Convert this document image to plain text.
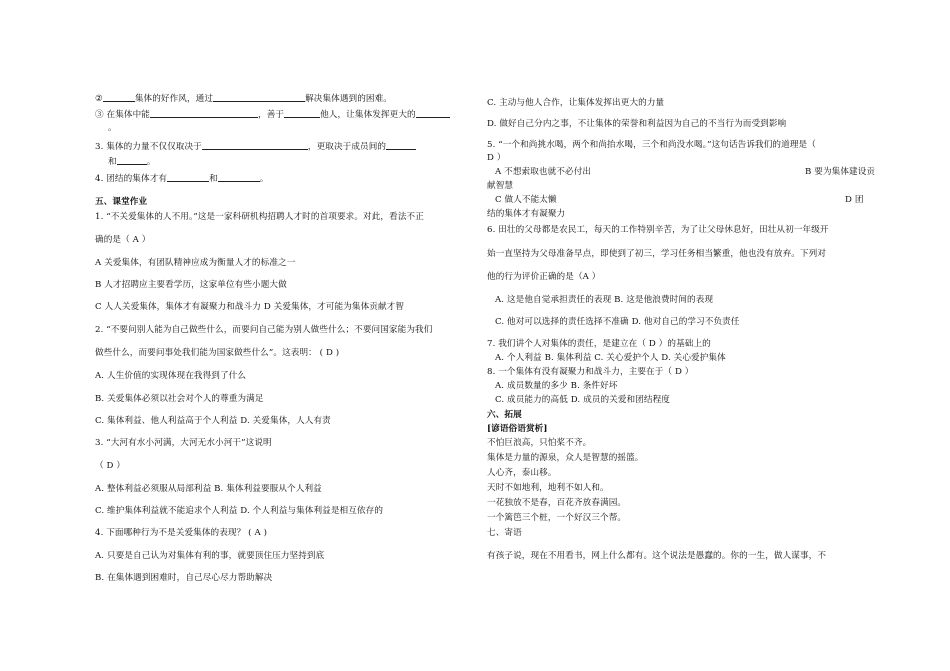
②	集体的好作风，通过	解决集体遇到的困难。
③ 在集体中能	，善于	他人，让集体发挥更大的
。
3. 集体的力量不仅仅取决于	，更取决于成员间的
和	。
4. 团结的集体才有	和	。
五、课堂作业
1. “不关爱集体的人不用。”这是一家科研机构招聘人才时的首项要求。对此，看法不正
确的是（ A ）
A 关爱集体，有团队精神应成为衡量人才的标准之一
B 人才招聘应主要看学历，这家单位有些小题大做
C 人人关爱集体，集体才有凝聚力和战斗力 D 关爱集体，才可能为集体贡献才智
2. “不要问别人能为自己做些什么，而要问自己能为别人做些什么；不要问国家能为我们
做些什么，而要问事处我们能为国家做些什么”。这表明： ( D )
A. 人生价值的实现体现在我得到了什么
B. 关爱集体必须以社会对个人的尊重为满足
C. 集体利益、他人利益高于个人利益 D. 关爱集体，人人有责
3. “大河有水小河满，大河无水小河干”这说明
（ D ）
A. 整体利益必须服从局部利益 B. 集体利益要服从个人利益
C. 维护集体利益就不能追求个人利益 D. 个人利益与集体利益是相互依存的
4. 下面哪种行为不是关爱集体的表现？ ( A )
A. 只要是自己认为对集体有利的事，就要顶住压力坚持到底
B. 在集体遇到困难时，自己尽心尽力帮助解决
C. 主动与他人合作，让集体发挥出更大的力量
D. 做好自己分内之事，不让集体的荣誉和利益因为自己的不当行为而受到影响
5. “一个和尚挑水喝，两个和尚抬水喝，三个和尚没水喝。”这句话告诉我们的道理是（
D ）
A 不想索取也就不必付出	B 要为集体建设贡
献智慧
C 做人不能太懒	D 团
结的集体才有凝聚力
6. 田壮的父母都是农民工，每天的工作特别辛苦，为了让父母休息好，田壮从初一年级开
始一直坚持为父母准备早点，即使到了初三，学习任务相当繁重，他也没有放弃。下列对
他的行为评价正确的是（A ）
A. 这是他自觉承担责任的表现 B. 这是他浪费时间的表现
C. 他对可以选择的责任选择不准确 D. 他对自己的学习不负责任
7. 我们讲个人对集体的责任，是建立在（ D ）的基础上的
A. 个人利益 B. 集体利益 C. 关心爱护个人 D. 关心爱护集体
8. 一个集体有没有凝聚力和战斗力，主要在于（ D ）
A. 成员数量的多少 B. 条件好坏
C. 成员能力的高低 D. 成员的关爱和团结程度
六、拓展
[谚语俗语赏析]
不怕巨浪高，只怕桨不齐。
集体是力量的源泉，众人是智慧的摇篮。
人心齐，泰山移。
天时不如地利，地利不如人和。
一花独放不是春，百花齐放春满园。
一个篱笆三个桩，一个好汉三个帮。
七、寄语
有孩子说，现在不用看书，网上什么都有。这个说法是愚蠢的。你的一生，做人谋事，不
